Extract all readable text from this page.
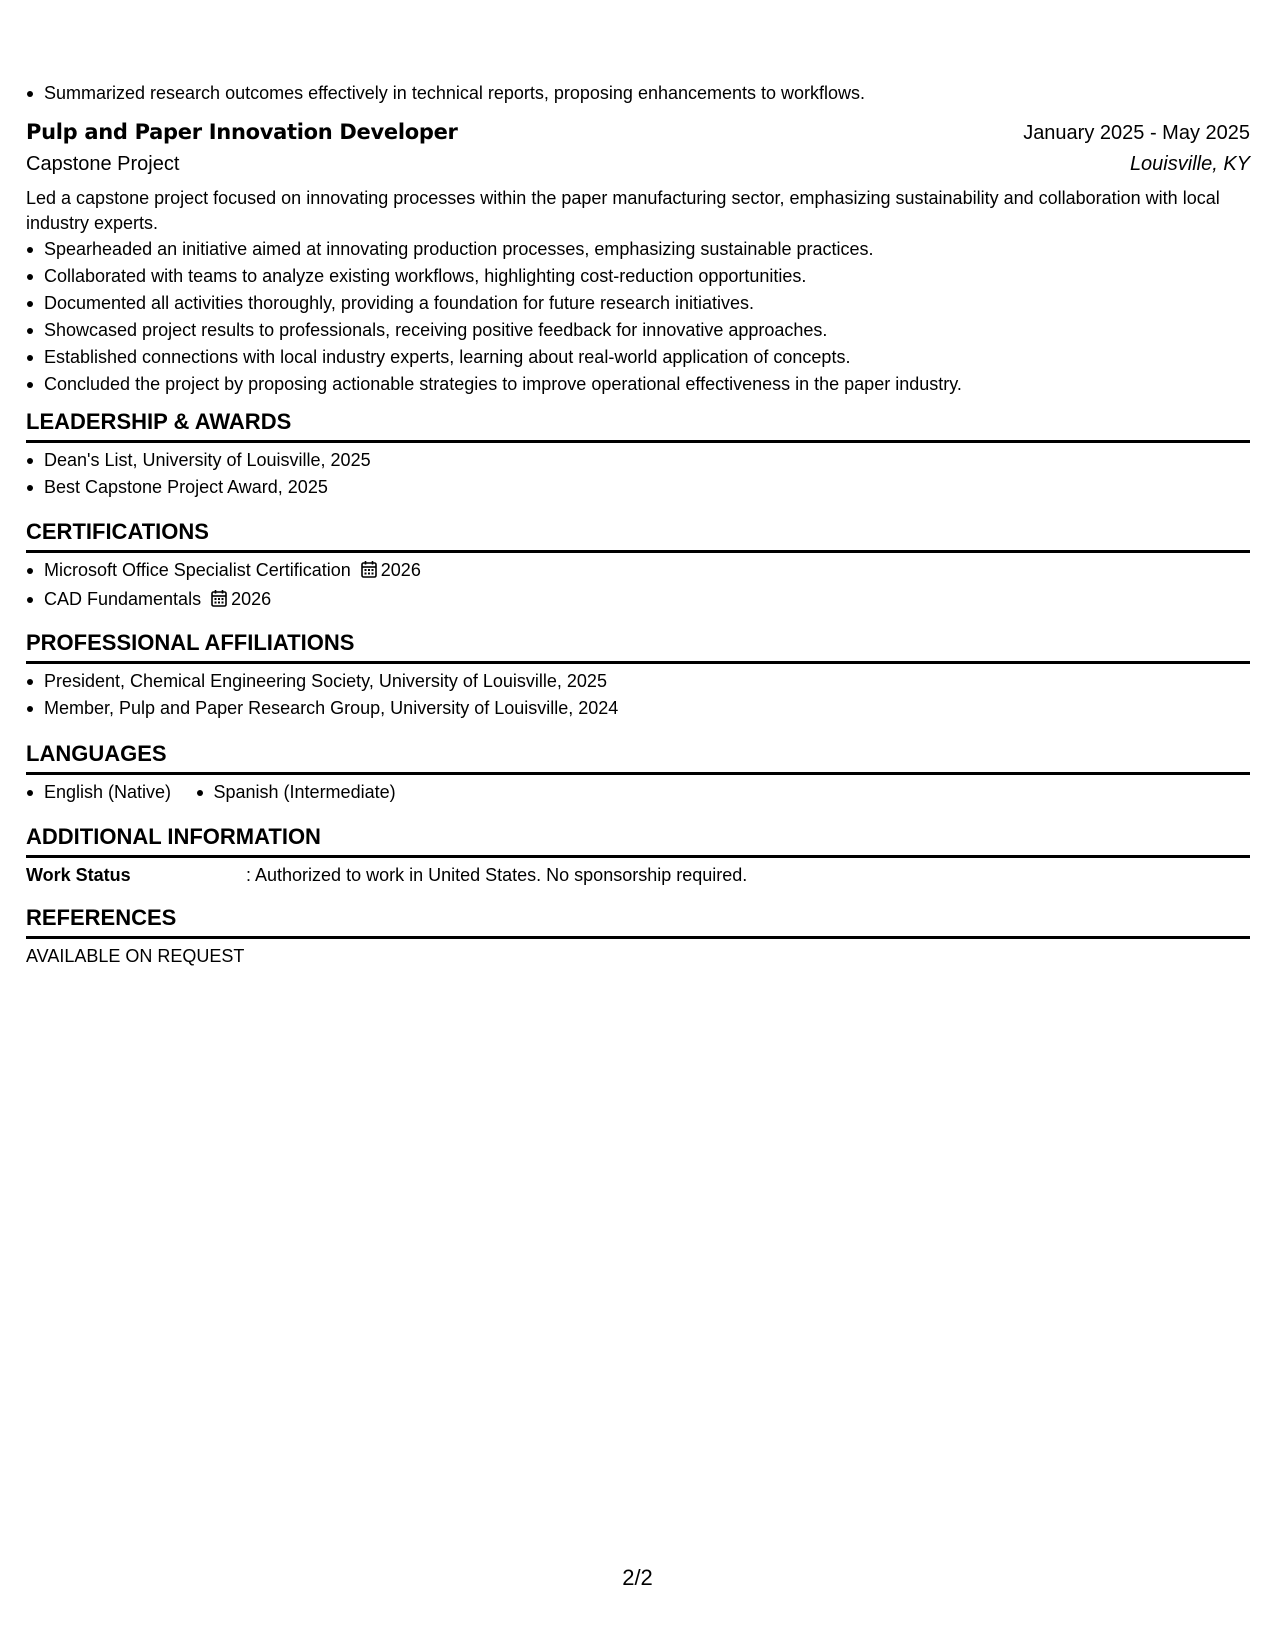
Summarized research outcomes effectively in technical reports, proposing enhancements to workflows.
Pulp and Paper Innovation Developer	January 2025 - May 2025
Capstone Project	Louisville, KY
Led a capstone project focused on innovating processes within the paper manufacturing sector, emphasizing sustainability and collaboration with local industry experts.
Spearheaded an initiative aimed at innovating production processes, emphasizing sustainable practices.
Collaborated with teams to analyze existing workflows, highlighting cost-reduction opportunities.
Documented all activities thoroughly, providing a foundation for future research initiatives.
Showcased project results to professionals, receiving positive feedback for innovative approaches.
Established connections with local industry experts, learning about real-world application of concepts.
Concluded the project by proposing actionable strategies to improve operational effectiveness in the paper industry.
LEADERSHIP & AWARDS
Dean's List, University of Louisville, 2025
Best Capstone Project Award, 2025
CERTIFICATIONS
Microsoft Office Specialist Certification 2026
CAD Fundamentals 2026
PROFESSIONAL AFFILIATIONS
President, Chemical Engineering Society, University of Louisville, 2025
Member, Pulp and Paper Research Group, University of Louisville, 2024
LANGUAGES
English (Native) Spanish (Intermediate)
ADDITIONAL INFORMATION
Work Status	: Authorized to work in United States. No sponsorship required.
REFERENCES
AVAILABLE ON REQUEST
2/2
